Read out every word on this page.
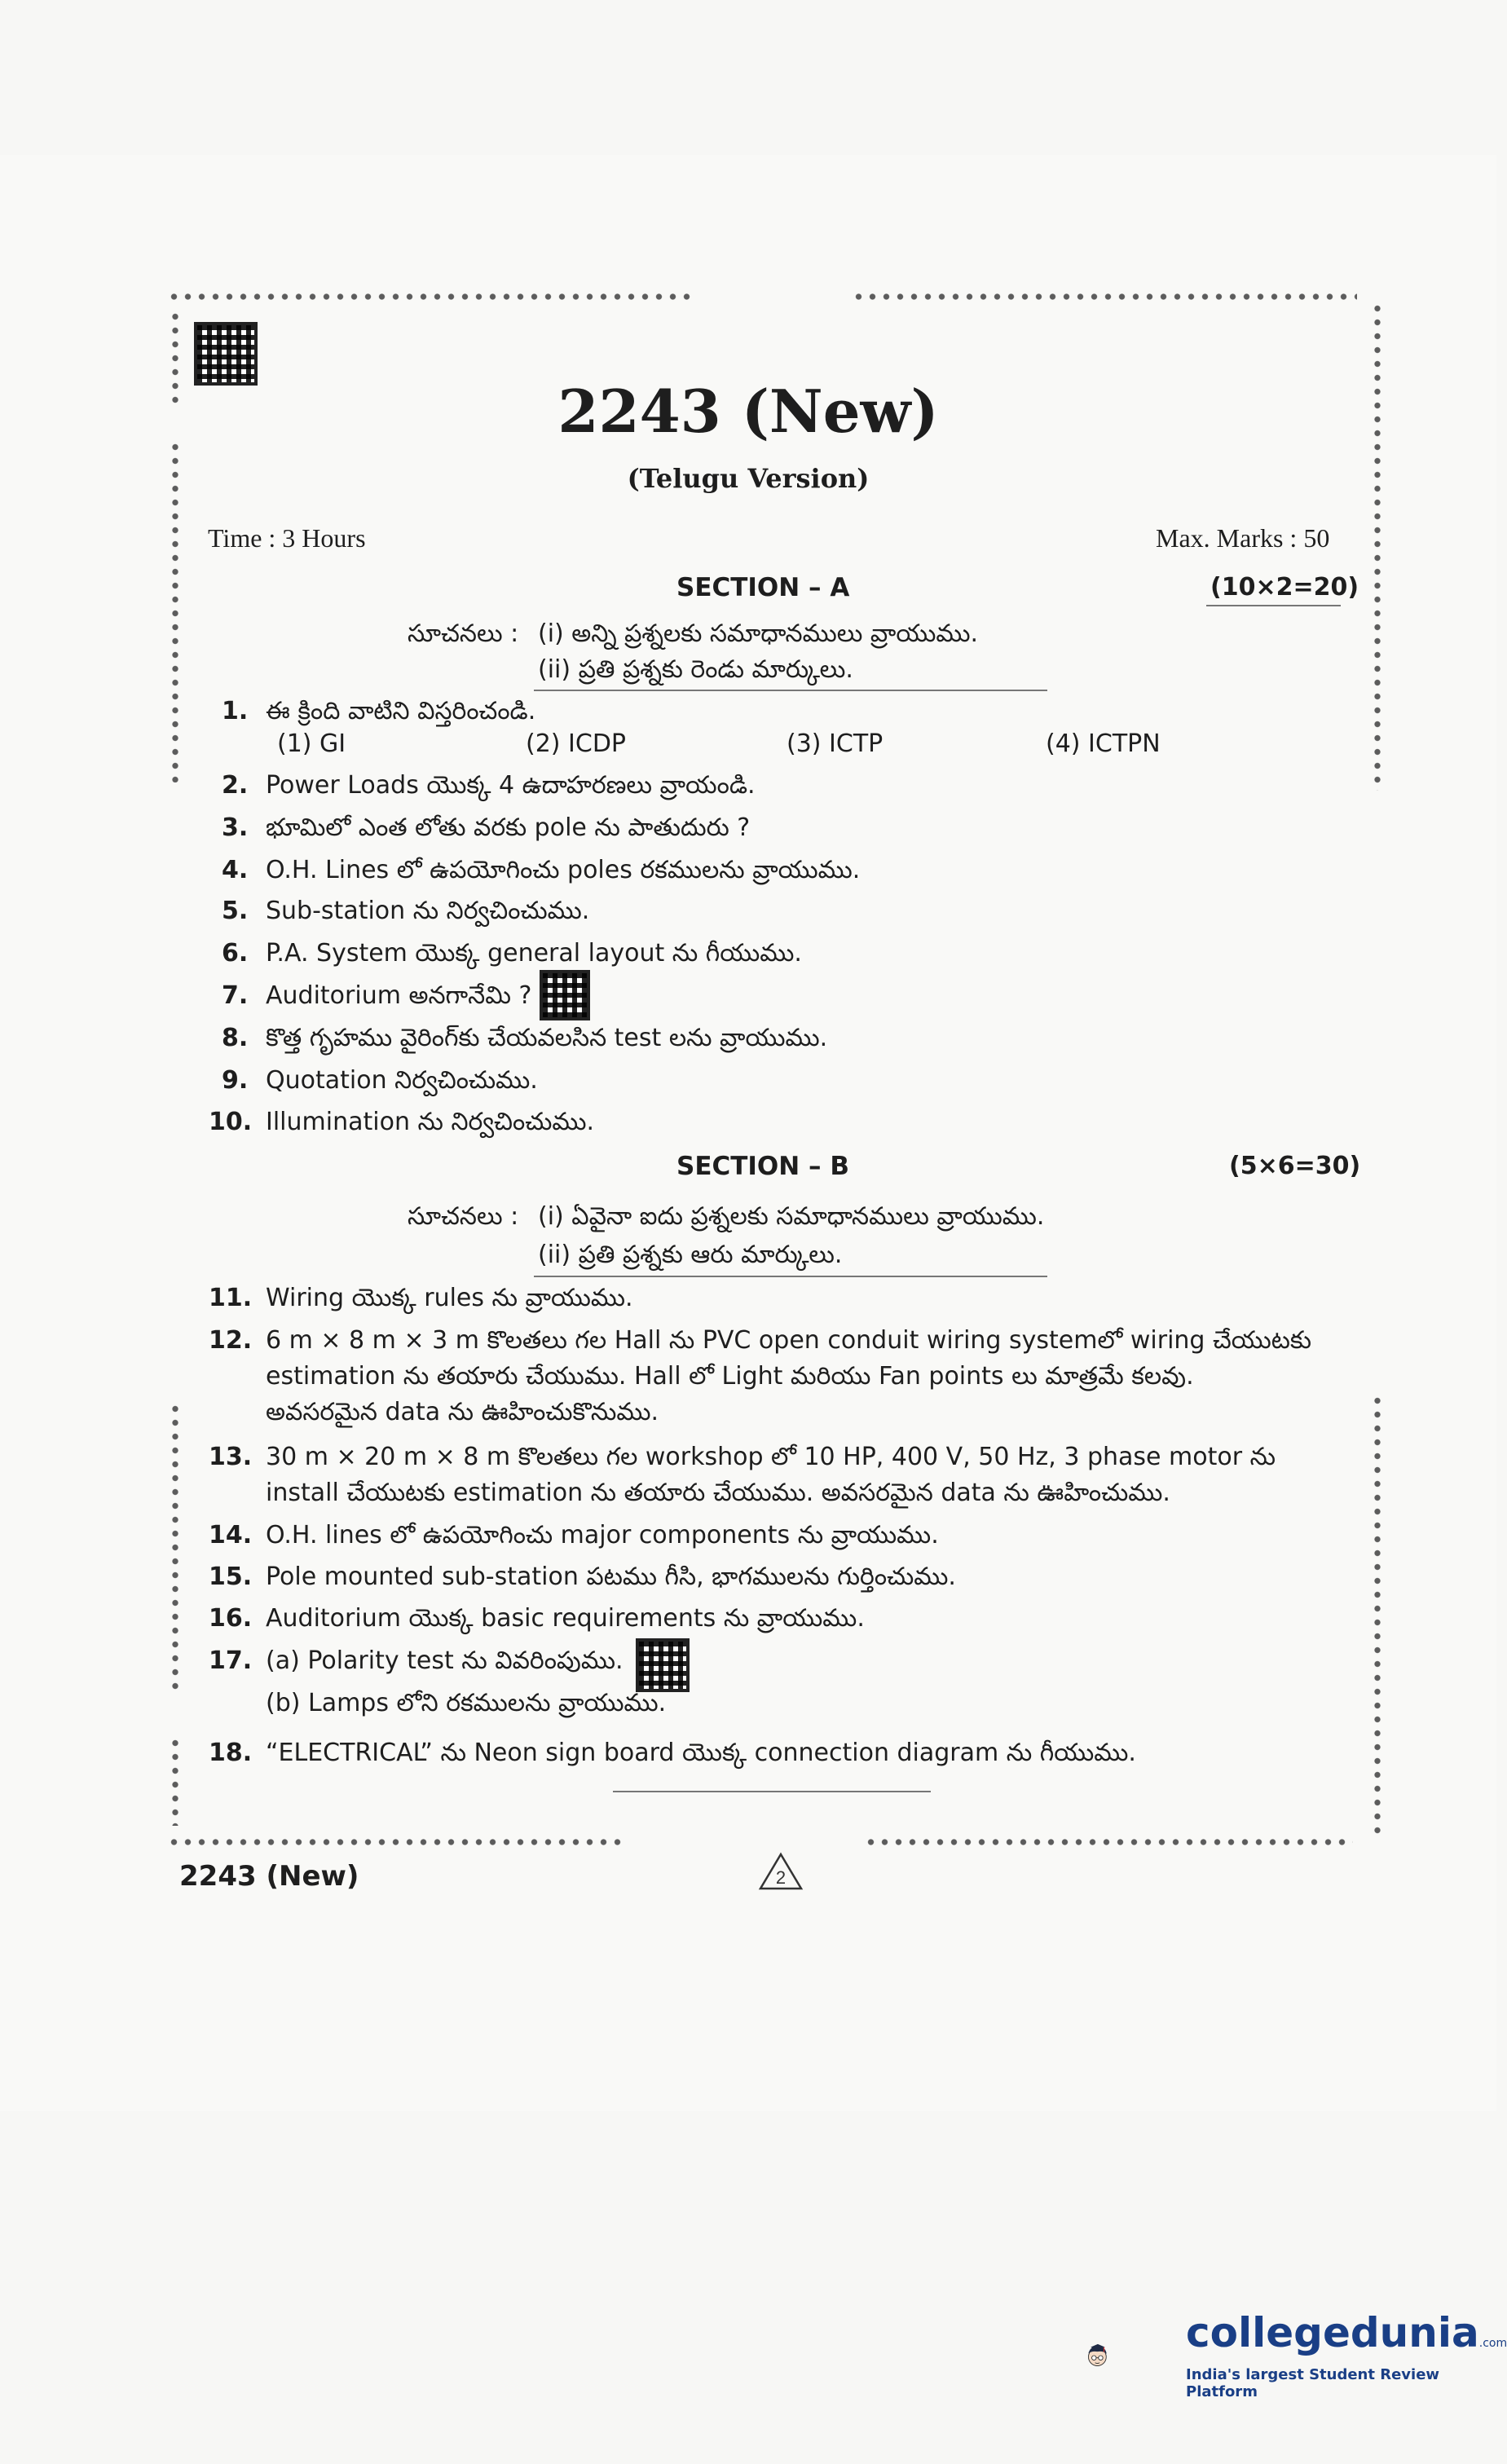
2243 (New)
(Telugu Version)
Time : 3 Hours	Max. Marks : 50
SECTION – A	(10×2=20)
సూచనలు : (i) అన్ని ప్రశ్నలకు సమాధానములు వ్రాయుము.
(ii) ప్రతి ప్రశ్నకు రెండు మార్కులు.
1. ఈ క్రింది వాటిని విస్తరించండి.
(1) GI	(2) ICDP	(3) ICTP	(4) ICTPN
2. Power Loads యొక్క 4 ఉదాహరణలు వ్రాయండి.
3. భూమిలో ఎంత లోతు వరకు pole ను పాతుదురు ?
4. O.H. Lines లో ఉపయోగించు poles రకములను వ్రాయుము.
5. Sub-station ను నిర్వచించుము.
6. P.A. System యొక్క general layout ను గీయుము.
7. Auditorium అనగానేమి ?
8. కొత్త గృహము వైరింగ్‌కు చేయవలసిన test లను వ్రాయుము.
9. Quotation నిర్వచించుము.
10. Illumination ను నిర్వచించుము.
SECTION – B	(5×6=30)
సూచనలు : (i) ఏవైనా ఐదు ప్రశ్నలకు సమాధానములు వ్రాయుము.
(ii) ప్రతి ప్రశ్నకు ఆరు మార్కులు.
11. Wiring యొక్క rules ను వ్రాయుము.
12. 6 m × 8 m × 3 m కొలతలు గల Hall ను PVC open conduit wiring systemలో wiring చేయుటకు
estimation ను తయారు చేయుము. Hall లో Light మరియు Fan points లు మాత్రమే కలవు.
అవసరమైన data ను ఊహించుకొనుము.
13. 30 m × 20 m × 8 m కొలతలు గల workshop లో 10 HP, 400 V, 50 Hz, 3 phase motor ను
install చేయుటకు estimation ను తయారు చేయుము. అవసరమైన data ను ఊహించుము.
14. O.H. lines లో ఉపయోగించు major components ను వ్రాయుము.
15. Pole mounted sub-station పటము గీసి, భాగములను గుర్తించుము.
16. Auditorium యొక్క basic requirements ను వ్రాయుము.
17. (a) Polarity test ను వివరింపుము.
(b) Lamps లోని రకములను వ్రాయుము.
18. “ELECTRICAL” ను Neon sign board యొక్క connection diagram ను గీయుము.
2243 (New)	2
collegedunia.com
India's largest Student Review Platform
